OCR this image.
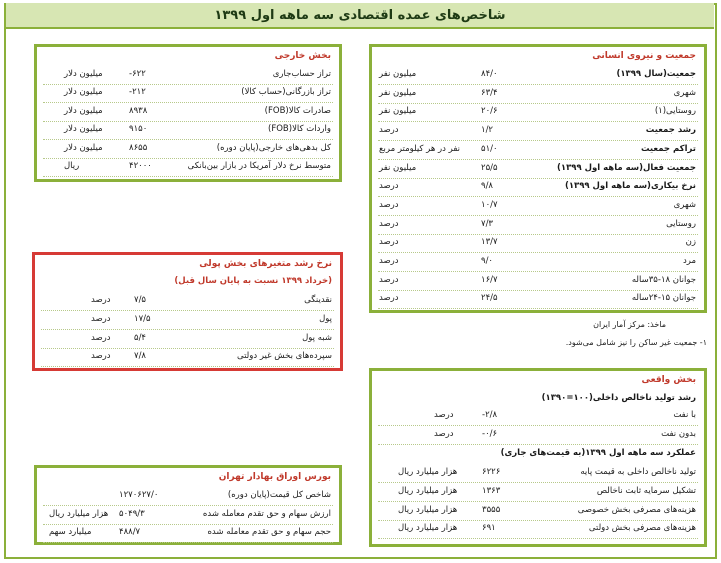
شاخص‌های عمده اقتصادی سه ماهه اول ۱۳۹۹
جمعیت و نیروی انسانی
جمعیت(سال ۱۳۹۹)
۸۴/۰
میلیون نفر
شهری
۶۳/۴
میلیون نفر
روستایی(۱)
۲۰/۶
میلیون نفر
رشد جمعیت
۱/۲
درصد
تراکم جمعیت
۵۱/۰
نفر در هر کیلومتر مربع
جمعیت فعال(سه ماهه اول ۱۳۹۹)
۲۵/۵
میلیون نفر
نرخ بیکاری(سه ماهه اول ۱۳۹۹)
۹/۸
درصد
شهری
۱۰/۷
درصد
روستایی
۷/۳
درصد
زن
۱۳/۷
درصد
مرد
۹/۰
درصد
جوانان ۱۸-۳۵ساله
۱۶/۷
درصد
جوانان ۱۵-۲۴ساله
۲۴/۵
درصد
بخش خارجی
تراز حساب‌جاری
-۶۲۲
میلیون دلار
تراز بازرگانی(حساب کالا)
-۲۱۲
میلیون دلار
صادرات کالا(FOB)
۸۹۳۸
میلیون دلار
واردات کالا(FOB)
۹۱۵۰
میلیون دلار
کل بدهی‌های خارجی(پایان دوره)
۸۶۵۵
میلیون دلار
متوسط نرخ دلار آمریکا در بازار بین‌بانکی
۴۲۰۰۰
ریال
نرخ رشد متغیرهای بخش پولی
(خرداد ۱۳۹۹ نسبت به پایان سال قبل)
نقدینگی
۷/۵
درصد
پول
۱۷/۵
درصد
شبه پول
۵/۴
درصد
سپرده‌های بخش غیر دولتی
۷/۸
درصد
بخش واقعی
رشد تولید ناخالص داخلی(۱۰۰=۱۳۹۰)
با نفت
-۲/۸
درصد
بدون نفت
-۰/۶
درصد
عملکرد سه ماهه اول ۱۳۹۹(به قیمت‌های جاری)
تولید ناخالص داخلی به قیمت پایه
۶۲۲۶
هزار میلیارد ریال
تشکیل سرمایه ثابت ناخالص
۱۳۶۳
هزار میلیارد ریال
هزینه‌های مصرفی بخش خصوصی
۳۵۵۵
هزار میلیارد ریال
هزینه‌های مصرفی بخش دولتی
۶۹۱
هزار میلیارد ریال
بورس اوراق بهادار تهران
شاخص کل قیمت(پایان دوره)
۱۲۷۰۶۲۷/۰
ارزش سهام و حق تقدم معامله شده
۵۰۴۹/۳
هزار میلیارد ریال
حجم سهام و حق تقدم معامله شده
۴۸۸/۷
میلیارد سهم
ماخذ: مرکز آمار ایران
۱- جمعیت غیر ساکن را نیز شامل می‌شود.
